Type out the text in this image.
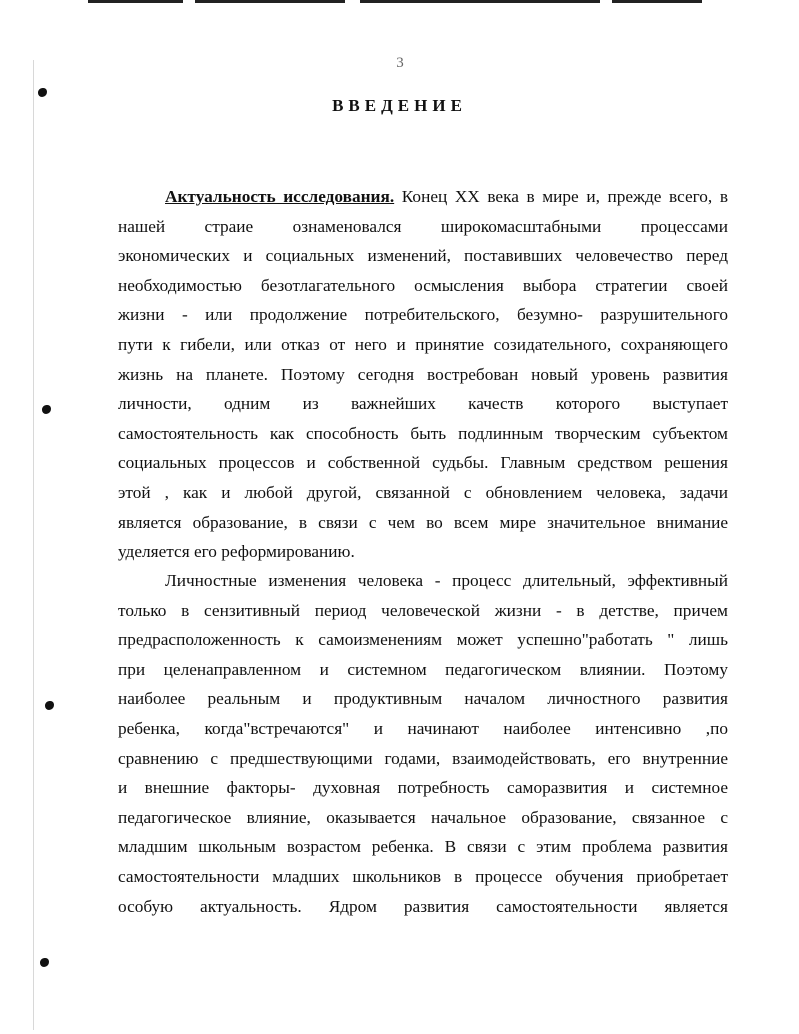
3
ВВЕДЕНИЕ
Актуальность исследования. Конец XX века в мире и, прежде всего, в
нашей страие ознаменовался широкомасштабными процессами
экономических и социальных изменений, поставивших человечество перед
необходимостью безотлагательного осмысления выбора стратегии своей
жизни - или продолжение потребительского, безумно- разрушительного
пути к гибели, или отказ от него и принятие созидательного, сохраняющего
жизнь на планете. Поэтому сегодня востребован новый уровень развития
личности, одним из важнейших качеств которого выступает
самостоятельность как способность быть подлинным творческим субъектом
социальных процессов и собственной судьбы. Главным средством решения
этой , как и любой другой, связанной с обновлением человека, задачи
является образование, в связи с чем во всем мире значительное внимание
уделяется его реформированию.
Личностные изменения человека - процесс длительный, эффективный
только в сензитивный период человеческой жизни - в детстве, причем
предрасположенность к самоизменениям может успешно"работать " лишь
при целенаправленном и системном педагогическом влиянии. Поэтому
наиболее реальным и продуктивным началом личностного развития
ребенка, когда"встречаются" и начинают наиболее интенсивно ,по
сравнению с предшествующими годами, взаимодействовать, его внутренние
и внешние факторы- духовная потребность саморазвития и системное
педагогическое влияние, оказывается начальное образование, связанное с
младшим школьным возрастом ребенка. В связи с этим проблема развития
самостоятельности младших школьников в процессе обучения приобретает
особую актуальность. Ядром развития самостоятельности является
